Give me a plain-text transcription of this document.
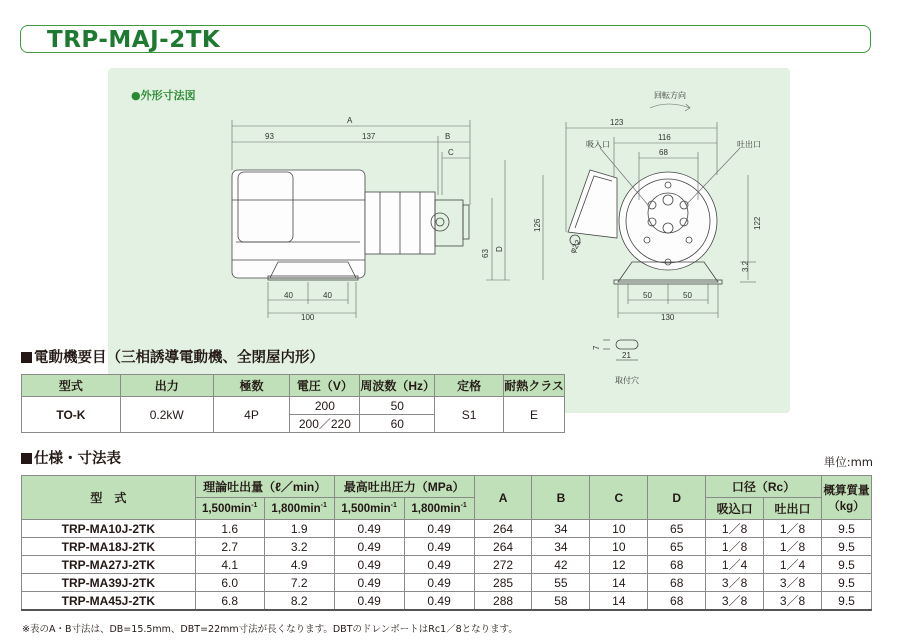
TRP-MAJ-2TK
●外形寸法図
A
93	137	B
C
63 D
40	40
100
回転方向
123
116
68
吸入口	吐出口
126	122
3.2
φ22
50	50
130
7
21
取付穴
電動機要目（三相誘導電動機、全閉屋内形）
型式	出力	極数	電圧（V）	周波数（Hz）	定格	耐熱クラス
TO-K	0.2kW	4P	200	50	S1	E
			200／220	60		
仕様・寸法表	単位:mm
型　式	理論吐出量（ℓ／min）		最高吐出圧力（MPa）		A	B	C	D	口径（Rc）		概算質量
（kg）
	$1,500\min^{-1}$	$1,800\min^{-1}$	$1,500\min^{-1}$	$1,800\min^{-1}$					吸込口	吐出口	
TRP-MA10J-2TK	1.6	1.9	0.49	0.49	264	34	10	65	1／8	1／8	9.5
TRP-MA18J-2TK	2.7	3.2	0.49	0.49	264	34	10	65	1／8	1／8	9.5
TRP-MA27J-2TK	4.1	4.9	0.49	0.49	272	42	12	68	1／4	1／4	9.5
TRP-MA39J-2TK	6.0	7.2	0.49	0.49	285	55	14	68	3／8	3／8	9.5
TRP-MA45J-2TK	6.8	8.2	0.49	0.49	288	58	14	68	3／8	3／8	9.5
※表のA・B寸法は、DB=15.5mm、DBT=22mm寸法が長くなります。DBTのドレンボートはRc1／8となります。
